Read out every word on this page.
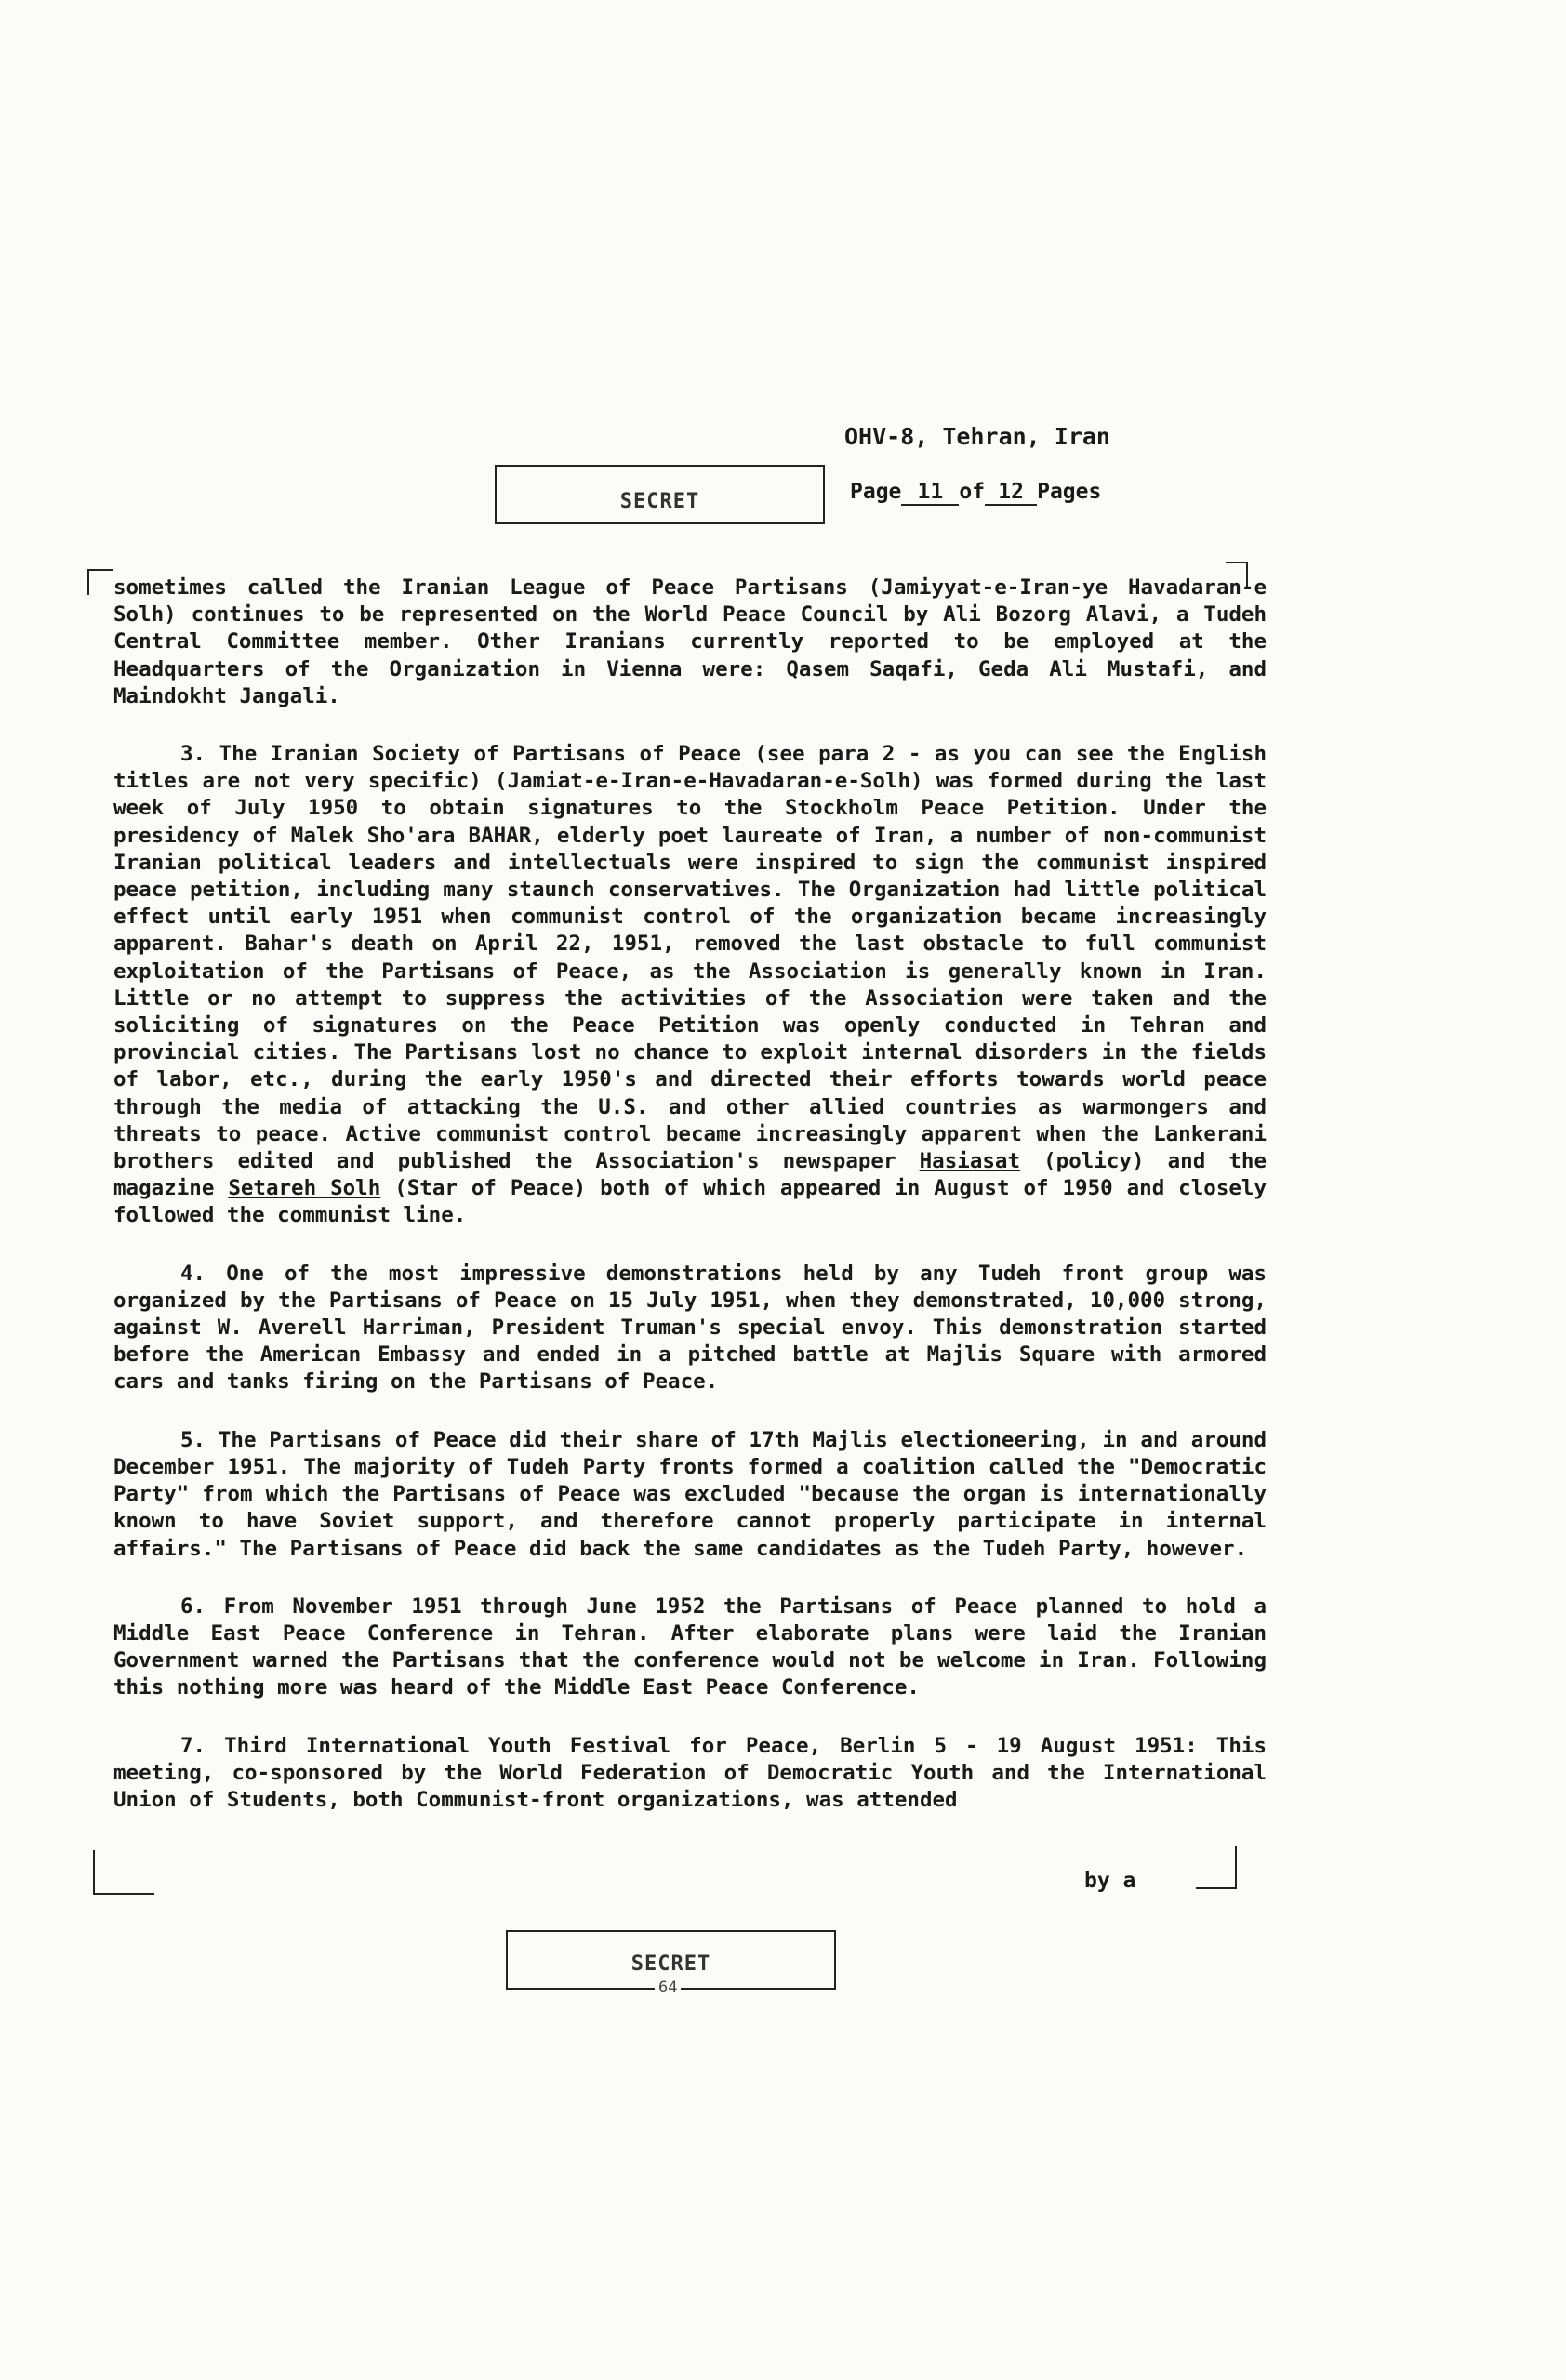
OHV-8, Tehran, Iran
SECRET	Page 11 of 12 Pages

sometimes called the Iranian League of Peace Partisans (Jamiyyat-e-Iran-ye Havadaran-e Solh) continues to be represented on the World Peace Council by Ali Bozorg Alavi, a Tudeh Central Committee member. Other Iranians currently reported to be employed at the Headquarters of the Organization in Vienna were: Qasem Saqafi, Geda Ali Mustafi, and Maindokht Jangali.

3. The Iranian Society of Partisans of Peace (see para 2 - as you can see the English titles are not very specific) (Jamiat-e-Iran-e-Havadaran-e-Solh) was formed during the last week of July 1950 to obtain signatures to the Stockholm Peace Petition. Under the presidency of Malek Sho'ara BAHAR, elderly poet laureate of Iran, a number of non-communist Iranian political leaders and intellectuals were inspired to sign the communist inspired peace petition, including many staunch conservatives. The Organization had little political effect until early 1951 when communist control of the organization became increasingly apparent. Bahar's death on April 22, 1951, removed the last obstacle to full communist exploitation of the Partisans of Peace, as the Association is generally known in Iran. Little or no attempt to suppress the activities of the Association were taken and the soliciting of signatures on the Peace Petition was openly conducted in Tehran and provincial cities. The Partisans lost no chance to exploit internal disorders in the fields of labor, etc., during the early 1950's and directed their efforts towards world peace through the media of attacking the U.S. and other allied countries as warmongers and threats to peace. Active communist control became increasingly apparent when the Lankerani brothers edited and published the Association's newspaper Hasiasat (policy) and the magazine Setareh Solh (Star of Peace) both of which appeared in August of 1950 and closely followed the communist line.

4. One of the most impressive demonstrations held by any Tudeh front group was organized by the Partisans of Peace on 15 July 1951, when they demonstrated, 10,000 strong, against W. Averell Harriman, President Truman's special envoy. This demonstration started before the American Embassy and ended in a pitched battle at Majlis Square with armored cars and tanks firing on the Partisans of Peace.

5. The Partisans of Peace did their share of 17th Majlis electioneering, in and around December 1951. The majority of Tudeh Party fronts formed a coalition called the "Democratic Party" from which the Partisans of Peace was excluded "because the organ is internationally known to have Soviet support, and therefore cannot properly participate in internal affairs." The Partisans of Peace did back the same candidates as the Tudeh Party, however.

6. From November 1951 through June 1952 the Partisans of Peace planned to hold a Middle East Peace Conference in Tehran. After elaborate plans were laid the Iranian Government warned the Partisans that the conference would not be welcome in Iran. Following this nothing more was heard of the Middle East Peace Conference.

7. Third International Youth Festival for Peace, Berlin 5 - 19 August 1951: This meeting, co-sponsored by the World Federation of Democratic Youth and the International Union of Students, both Communist-front organizations, was attended

by a
SECRET
64
